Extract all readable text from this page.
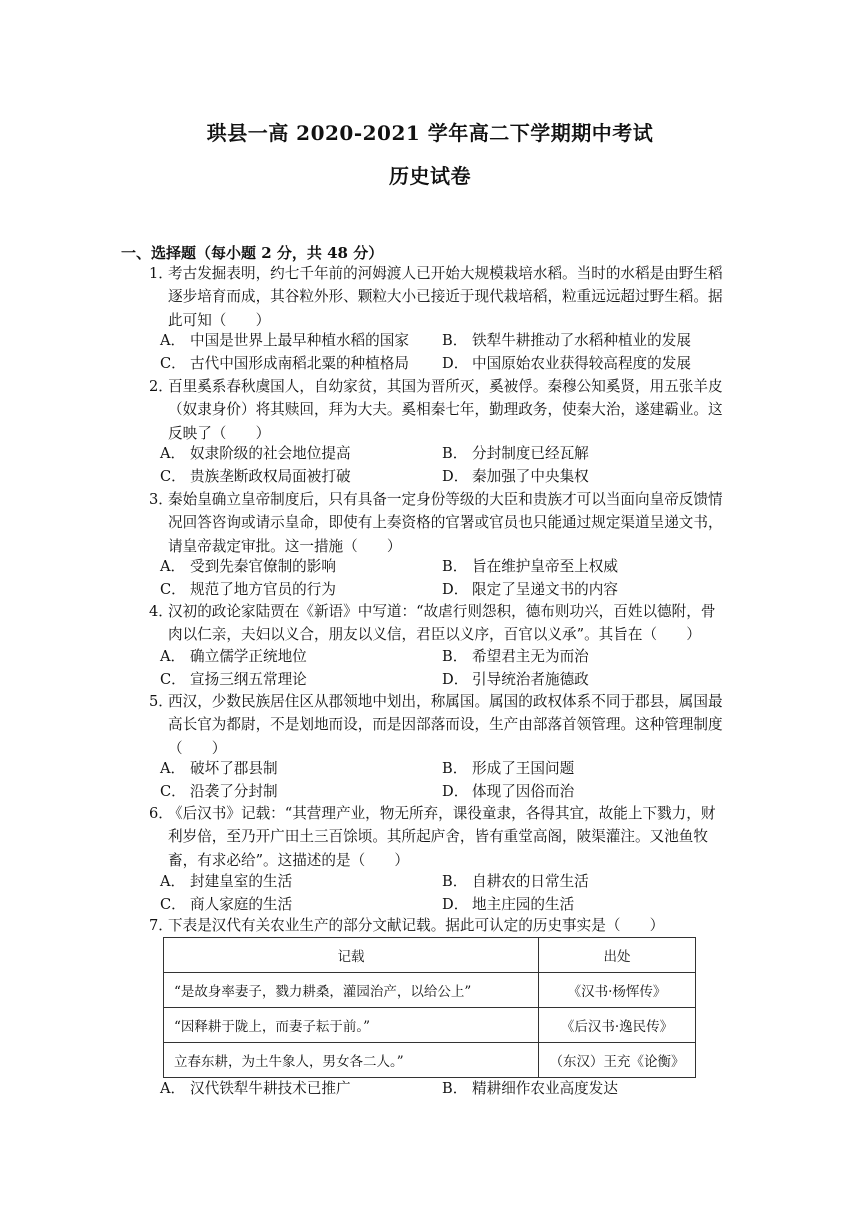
珙县一高 2020-2021 学年高二下学期期中考试
历史试卷
一、选择题（每小题 2 分，共 48 分）
1．
考古发掘表明，约七千年前的河姆渡人已开始大规模栽培水稻。当时的水稻是由野生稻逐步培育而成，其谷粒外形、颗粒大小已接近于现代栽培稻，粒重远远超过野生稻。据此可知（　　）
A． 中国是世界上最早种植水稻的国家 B． 铁犁牛耕推动了水稻种植业的发展
C． 古代中国形成南稻北粟的种植格局 D． 中国原始农业获得较高程度的发展
2．
百里奚系春秋虞国人，自幼家贫，其国为晋所灭，奚被俘。秦穆公知奚贤，用五张羊皮（奴隶身价）将其赎回，拜为大夫。奚相秦七年，勤理政务，使秦大治，遂建霸业。这反映了（　　）
A． 奴隶阶级的社会地位提高	B． 分封制度已经瓦解
C． 贵族垄断政权局面被打破	D． 秦加强了中央集权
3．
秦始皇确立皇帝制度后，只有具备一定身份等级的大臣和贵族才可以当面向皇帝反馈情况回答咨询或请示皇命，即使有上奏资格的官署或官员也只能通过规定渠道呈递文书，请皇帝裁定审批。这一措施（　　）
A． 受到先秦官僚制的影响	B． 旨在维护皇帝至上权威
C． 规范了地方官员的行为	D． 限定了呈递文书的内容
4．
汉初的政论家陆贾在《新语》中写道：“故虐行则怨积，德布则功兴，百姓以德附，骨肉以仁亲，夫妇以义合，朋友以义信，君臣以义序，百官以义承”。其旨在（　　）
A． 确立儒学正统地位	B． 希望君主无为而治
C． 宣扬三纲五常理论	D． 引导统治者施德政
5．
西汉，少数民族居住区从郡领地中划出，称属国。属国的政权体系不同于郡县，属国最高长官为都尉，不是划地而设，而是因部落而设，生产由部落首领管理。这种管理制度（　　）
A． 破坏了郡县制	B． 形成了王国问题
C． 沿袭了分封制	D． 体现了因俗而治
6．
《后汉书》记载：“其营理产业，物无所弃，课役童隶，各得其宜，故能上下戮力，财利岁倍，至乃开广田土三百馀顷。其所起庐舍，皆有重堂高阁，陂渠灌注。又池鱼牧畜，有求必给”。这描述的是（　　）
A． 封建皇室的生活	B． 自耕农的日常生活
C． 商人家庭的生活	D． 地主庄园的生活
7．
下表是汉代有关农业生产的部分文献记载。据此可认定的历史事实是（　　）
记载	出处
“是故身率妻子，戮力耕桑，灌园治产，以给公上”	《汉书·杨恽传》
“因释耕于陇上，而妻子耘于前。”	《后汉书·逸民传》
立春东耕，为土牛象人，男女各二人。”	（东汉）王充《论衡》
A． 汉代铁犁牛耕技术已推广	B． 精耕细作农业高度发达
